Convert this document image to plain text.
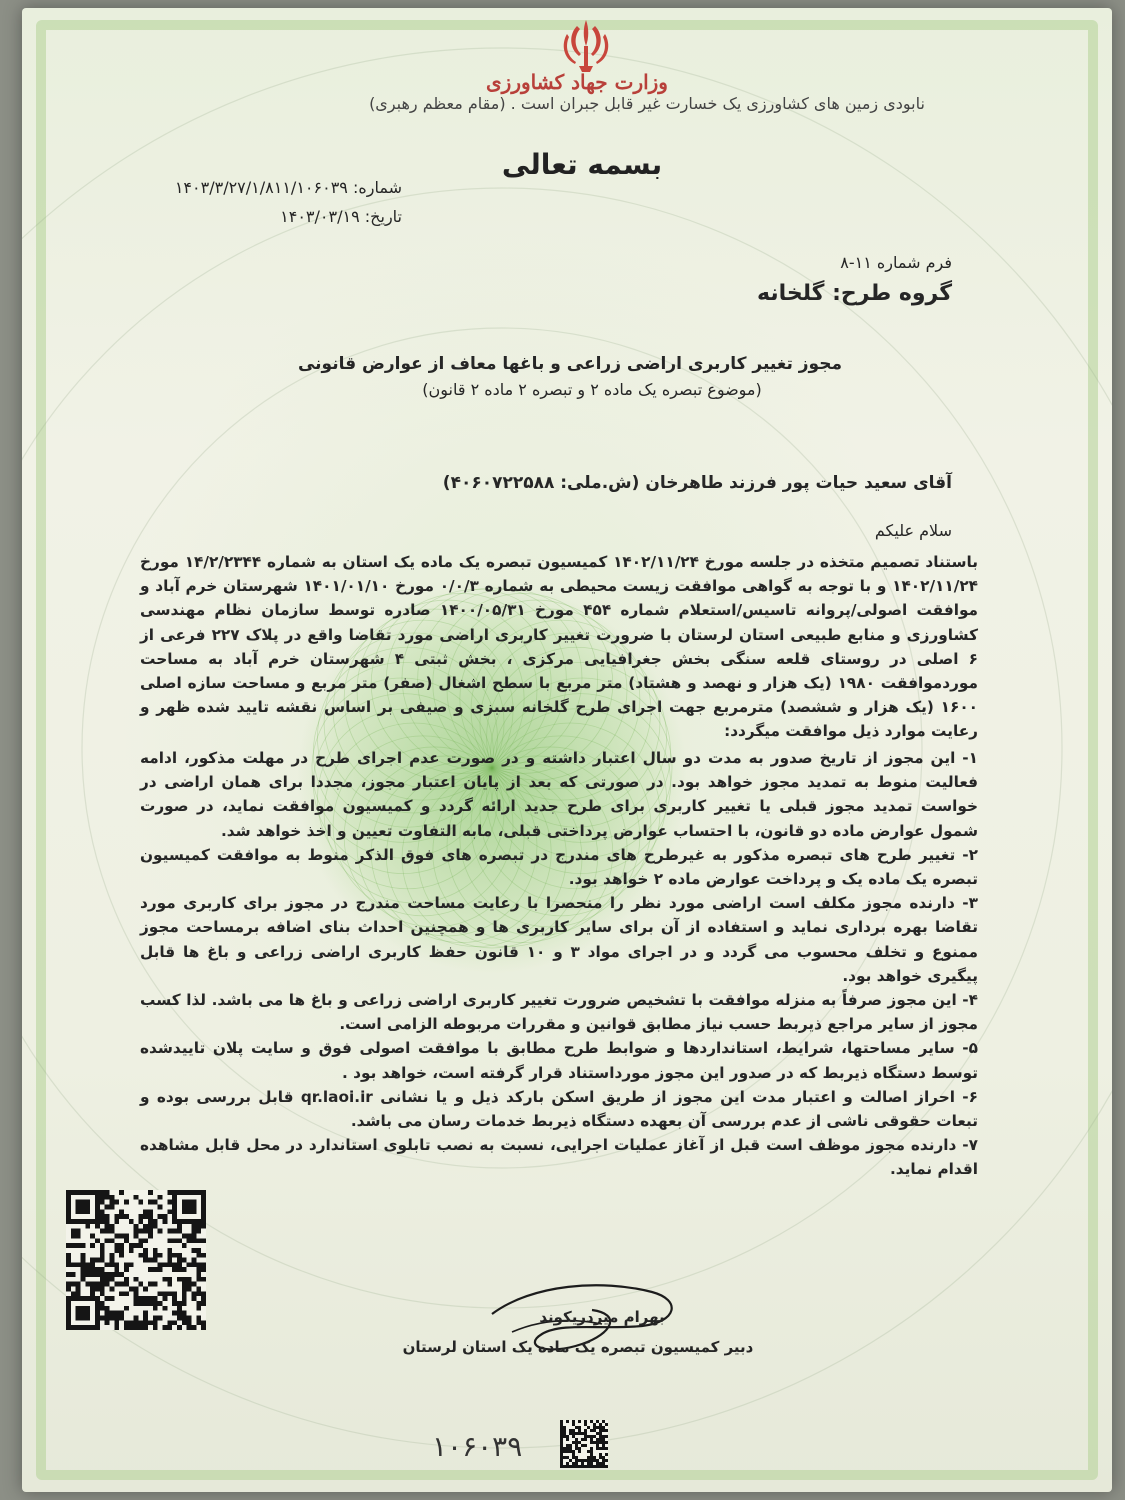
وزارت جهاد کشاورزی
نابودی زمین های کشاورزی یک خسارت غیر قابل جبران است . (مقام معظم رهبری)
بسمه تعالی
شماره: ۱۴۰۳/۳/۲۷/۱/۸۱۱/۱۰۶۰۳۹
تاریخ: ۱۴۰۳/۰۳/۱۹
فرم شماره ۱۱-۸
گروه طرح: گلخانه
مجوز تغییر کاربری اراضی زراعی و باغها معاف از عوارض قانونی
(موضوع تبصره یک ماده ۲ و تبصره ۲ ماده ۲ قانون)
آقای سعید حیات پور فرزند طاهرخان (ش.ملی: ۴۰۶۰۷۲۲۵۸۸)
سلام علیکم
باستناد تصمیم متخذه در جلسه مورخ ۱۴۰۲/۱۱/۲۴ کمیسیون تبصره یک ماده یک استان به شماره ۱۴/۲/۲۳۴۴ مورخ ۱۴۰۲/۱۱/۲۴ و با توجه به گواهی موافقت زیست محیطی به شماره ۰/۰/۳ مورخ ۱۴۰۱/۰۱/۱۰ شهرستان خرم آباد و موافقت اصولی/پروانه تاسیس/استعلام شماره ۴۵۴ مورخ ۱۴۰۰/۰۵/۳۱ صادره توسط سازمان نظام مهندسی کشاورزی و منابع طبیعی استان لرستان با ضرورت تغییر کاربری اراضی مورد تقاضا واقع در پلاک ۲۲۷ فرعی از ۶ اصلی در روستای قلعه سنگی بخش جغرافیایی مرکزی ، بخش ثبتی ۴ شهرستان خرم آباد به مساحت موردموافقت ۱۹۸۰ (یک هزار و نهصد و هشتاد) متر مربع با سطح اشغال (صفر) متر مربع و مساحت سازه اصلی ۱۶۰۰ (یک هزار و ششصد) مترمربع جهت اجرای طرح گلخانه سبزی و صیفی بر اساس نقشه تایید شده ظهر و رعایت موارد ذیل موافقت میگردد:
۱- این مجوز از تاریخ صدور به مدت دو سال اعتبار داشته و در صورت عدم اجرای طرح در مهلت مذکور، ادامه فعالیت منوط به تمدید مجوز خواهد بود. در صورتی که بعد از پایان اعتبار مجوز، مجددا برای همان اراضی در خواست تمدید مجوز قبلی یا تغییر کاربری برای طرح جدید ارائه گردد و کمیسیون موافقت نماید، در صورت شمول عوارض ماده دو قانون، با احتساب عوارض پرداختی قبلی، مابه التفاوت تعیین و اخذ خواهد شد.
۲- تغییر طرح های تبصره مذکور به غیرطرح های مندرج در تبصره های فوق الذکر منوط به موافقت کمیسیون تبصره یک ماده یک و پرداخت عوارض ماده ۲ خواهد بود.
۳- دارنده مجوز مکلف است اراضی مورد نظر را منحصرا با رعایت مساحت مندرج در مجوز برای کاربری مورد تقاضا بهره برداری نماید و استفاده از آن برای سایر کاربری ها و همچنین احداث بنای اضافه برمساحت مجوز ممنوع و تخلف محسوب می گردد و در اجرای مواد ۳ و ۱۰ قانون حفظ کاربری اراضی زراعی و باغ ها قابل پیگیری خواهد بود.
۴- این مجوز صرفاً به منزله موافقت با تشخیص ضرورت تغییر کاربری اراضی زراعی و باغ ها می باشد. لذا کسب مجوز از سایر مراجع ذیربط حسب نیاز مطابق قوانین و مقررات مربوطه الزامی است.
۵- سایر مساحتها، شرایط، استانداردها و ضوابط طرح مطابق با موافقت اصولی فوق و سایت پلان تاییدشده توسط دستگاه ذیربط که در صدور این مجوز مورداستناد قرار گرفته است، خواهد بود .
۶- احراز اصالت و اعتبار مدت این مجوز از طریق اسکن بارکد ذیل و یا نشانی qr.laoi.ir قابل بررسی بوده و تبعات حقوقی ناشی از عدم بررسی آن بعهده دستگاه ذیربط خدمات رسان می باشد.
۷- دارنده مجوز موظف است قبل از آغاز عملیات اجرایی، نسبت به نصب تابلوی استاندارد در محل قابل مشاهده اقدام نماید.
بهرام میردریکوند
دبیر کمیسیون تبصره یک ماده یک استان لرستان
۱۰۶۰۳۹
